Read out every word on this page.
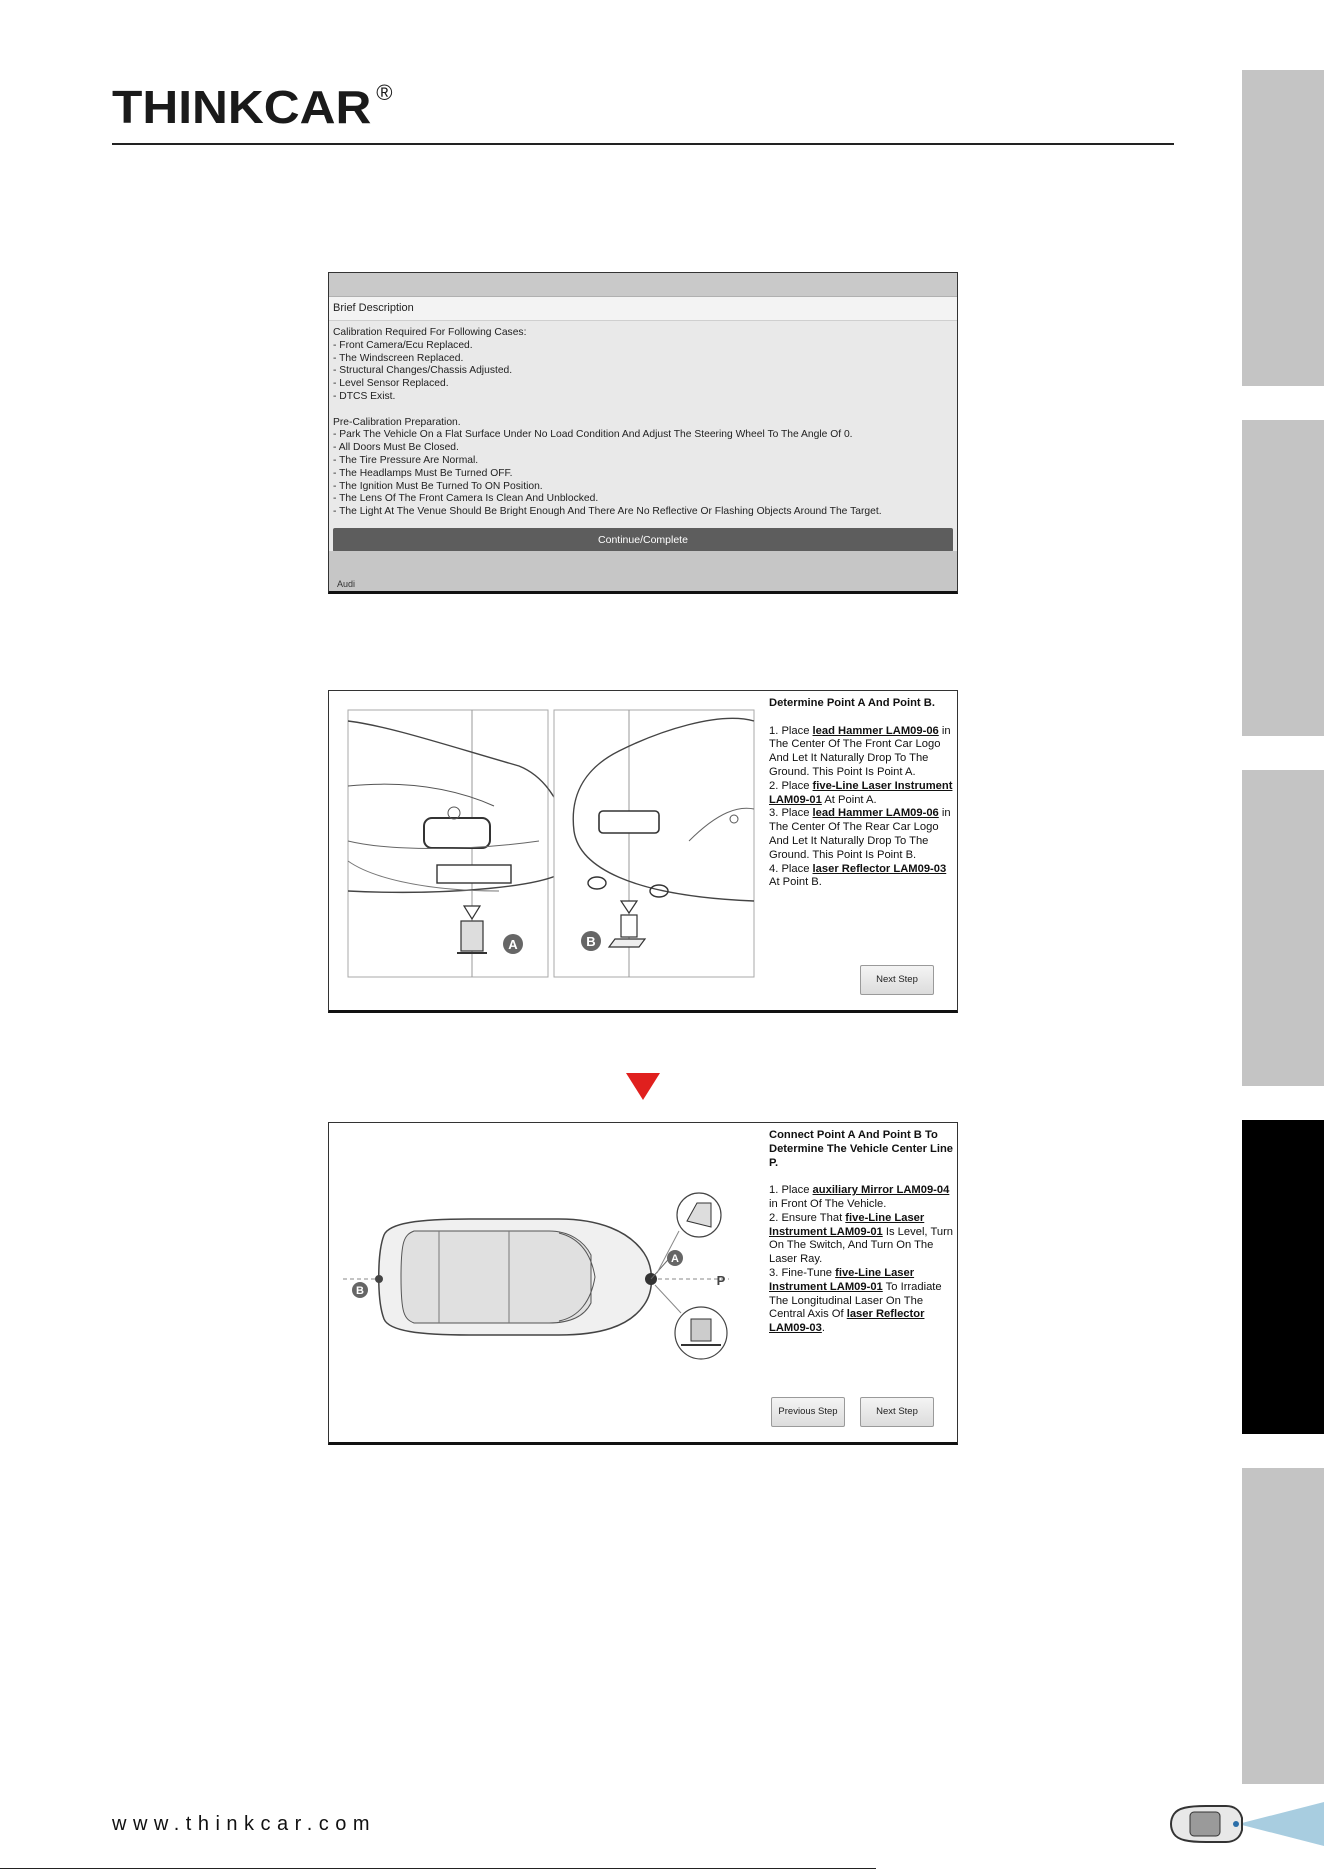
THINKCAR ®
Brief Description
Calibration Required For Following Cases:
- Front Camera/Ecu Replaced.
- The Windscreen Replaced.
- Structural Changes/Chassis Adjusted.
- Level Sensor Replaced.
- DTCS Exist.
Pre-Calibration Preparation.
- Park The Vehicle On a Flat Surface Under No Load Condition And Adjust The Steering Wheel To The Angle Of 0.
- All Doors Must Be Closed.
- The Tire Pressure Are Normal.
- The Headlamps Must Be Turned OFF.
- The Ignition Must Be Turned To ON Position.
- The Lens Of The Front Camera Is Clean And Unblocked.
- The Light At The Venue Should Be Bright Enough And There Are No Reflective Or Flashing Objects Around The Target.
Continue/Complete
Audi
A	B
Determine Point A And Point B.
1. Place lead Hammer LAM09-06 in The Center Of The Front Car Logo And Let It Naturally Drop To The Ground. This Point Is Point A.
2. Place five-Line Laser Instrument LAM09-01 At Point A.
3. Place lead Hammer LAM09-06 in The Center Of The Rear Car Logo And Let It Naturally Drop To The Ground. This Point Is Point B.
4. Place laser Reflector LAM09-03 At Point B.
Next Step
B
A
P
Connect Point A And Point B To Determine The Vehicle Center Line P.
1. Place auxiliary Mirror LAM09-04 in Front Of The Vehicle.
2. Ensure That five-Line Laser Instrument LAM09-01 Is Level, Turn On The Switch, And Turn On The Laser Ray.
3. Fine-Tune five-Line Laser Instrument LAM09-01 To Irradiate The Longitudinal Laser On The Central Axis Of laser Reflector LAM09-03.
Previous Step	Next Step
www.thinkcar.com
